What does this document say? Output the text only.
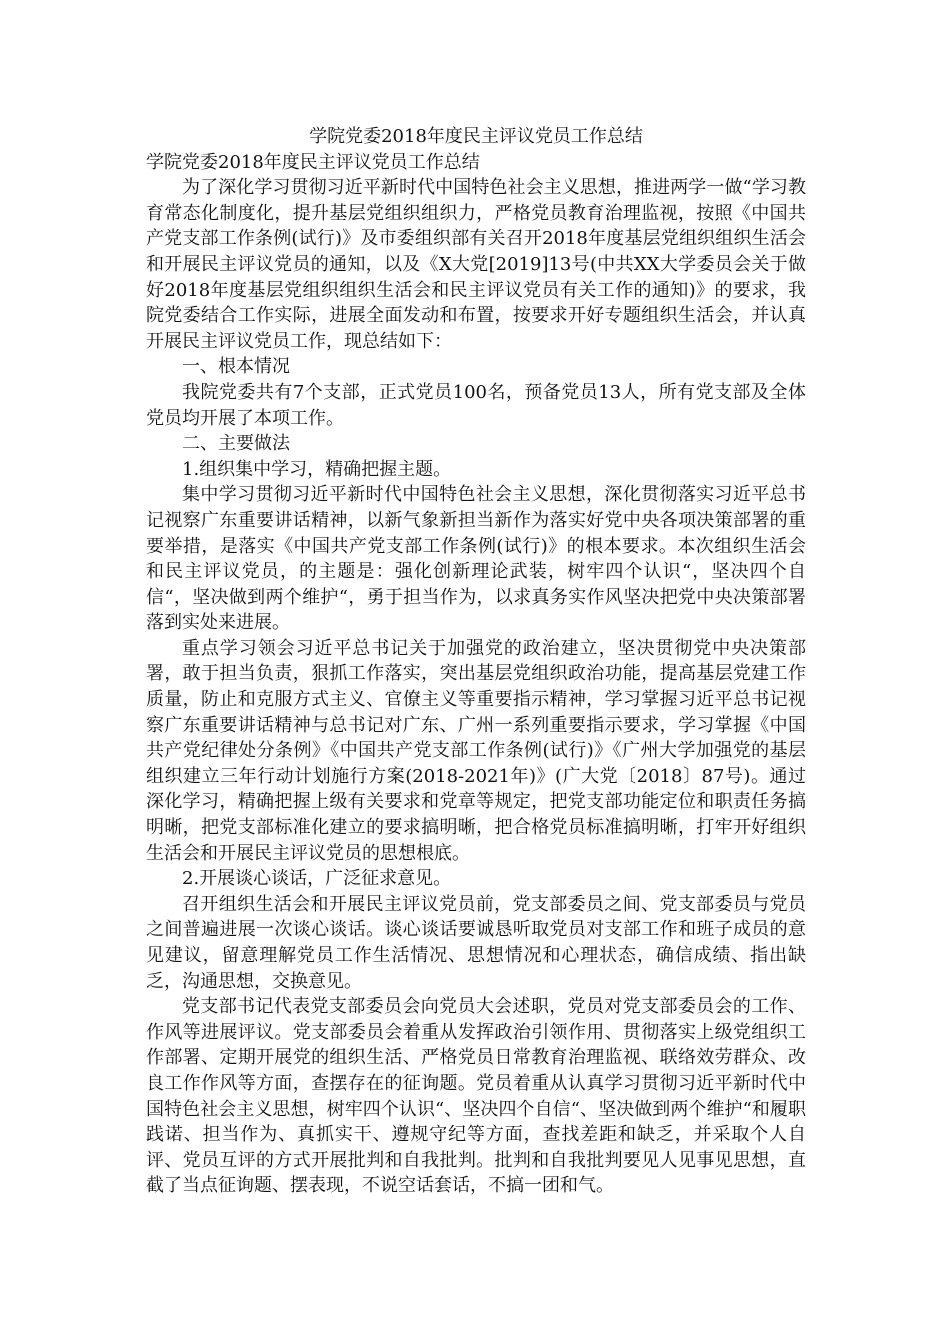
学院党委2018年度民主评议党员工作总结

学院党委2018年度民主评议党员工作总结

为了深化学习贯彻习近平新时代中国特色社会主义思想，推进两学一做“学习教育常态化制度化，提升基层党组织组织力，严格党员教育治理监视，按照《中国共产党支部工作条例(试行)》及市委组织部有关召开2018年度基层党组织组织生活会和开展民主评议党员的通知，以及《X大党[2019]13号(中共XX大学委员会关于做好2018年度基层党组织组织生活会和民主评议党员有关工作的通知)》的要求，我院党委结合工作实际，进展全面发动和布置，按要求开好专题组织生活会，并认真开展民主评议党员工作，现总结如下：

一、根本情况

我院党委共有7个支部，正式党员100名，预备党员13人，所有党支部及全体党员均开展了本项工作。

二、主要做法

1.组织集中学习，精确把握主题。

集中学习贯彻习近平新时代中国特色社会主义思想，深化贯彻落实习近平总书记视察广东重要讲话精神，以新气象新担当新作为落实好党中央各项决策部署的重要举措，是落实《中国共产党支部工作条例(试行)》的根本要求。本次组织生活会和民主评议党员，的主题是：强化创新理论武装，树牢四个认识“，坚决四个自信“，坚决做到两个维护“，勇于担当作为，以求真务实作风坚决把党中央决策部署落到实处来进展。

重点学习领会习近平总书记关于加强党的政治建立，坚决贯彻党中央决策部署，敢于担当负责，狠抓工作落实，突出基层党组织政治功能，提高基层党建工作质量，防止和克服方式主义、官僚主义等重要指示精神，学习掌握习近平总书记视察广东重要讲话精神与总书记对广东、广州一系列重要指示要求，学习掌握《中国共产党纪律处分条例》《中国共产党支部工作条例(试行)》《广州大学加强党的基层组织建立三年行动计划施行方案(2018-2021年)》(广大党〔2018〕87号)。通过深化学习，精确把握上级有关要求和党章等规定，把党支部功能定位和职责任务搞明晰，把党支部标准化建立的要求搞明晰，把合格党员标准搞明晰，打牢开好组织生活会和开展民主评议党员的思想根底。

2.开展谈心谈话，广泛征求意见。

召开组织生活会和开展民主评议党员前，党支部委员之间、党支部委员与党员之间普遍进展一次谈心谈话。谈心谈话要诚恳听取党员对支部工作和班子成员的意见建议，留意理解党员工作生活情况、思想情况和心理状态，确信成绩、指出缺乏，沟通思想，交换意见。

党支部书记代表党支部委员会向党员大会述职，党员对党支部委员会的工作、作风等进展评议。党支部委员会着重从发挥政治引领作用、贯彻落实上级党组织工作部署、定期开展党的组织生活、严格党员日常教育治理监视、联络效劳群众、改良工作作风等方面，查摆存在的征询题。党员着重从认真学习贯彻习近平新时代中国特色社会主义思想，树牢四个认识“、坚决四个自信“、坚决做到两个维护“和履职践诺、担当作为、真抓实干、遵规守纪等方面，查找差距和缺乏，并采取个人自评、党员互评的方式开展批判和自我批判。批判和自我批判要见人见事见思想，直截了当点征询题、摆表现，不说空话套话，不搞一团和气。
